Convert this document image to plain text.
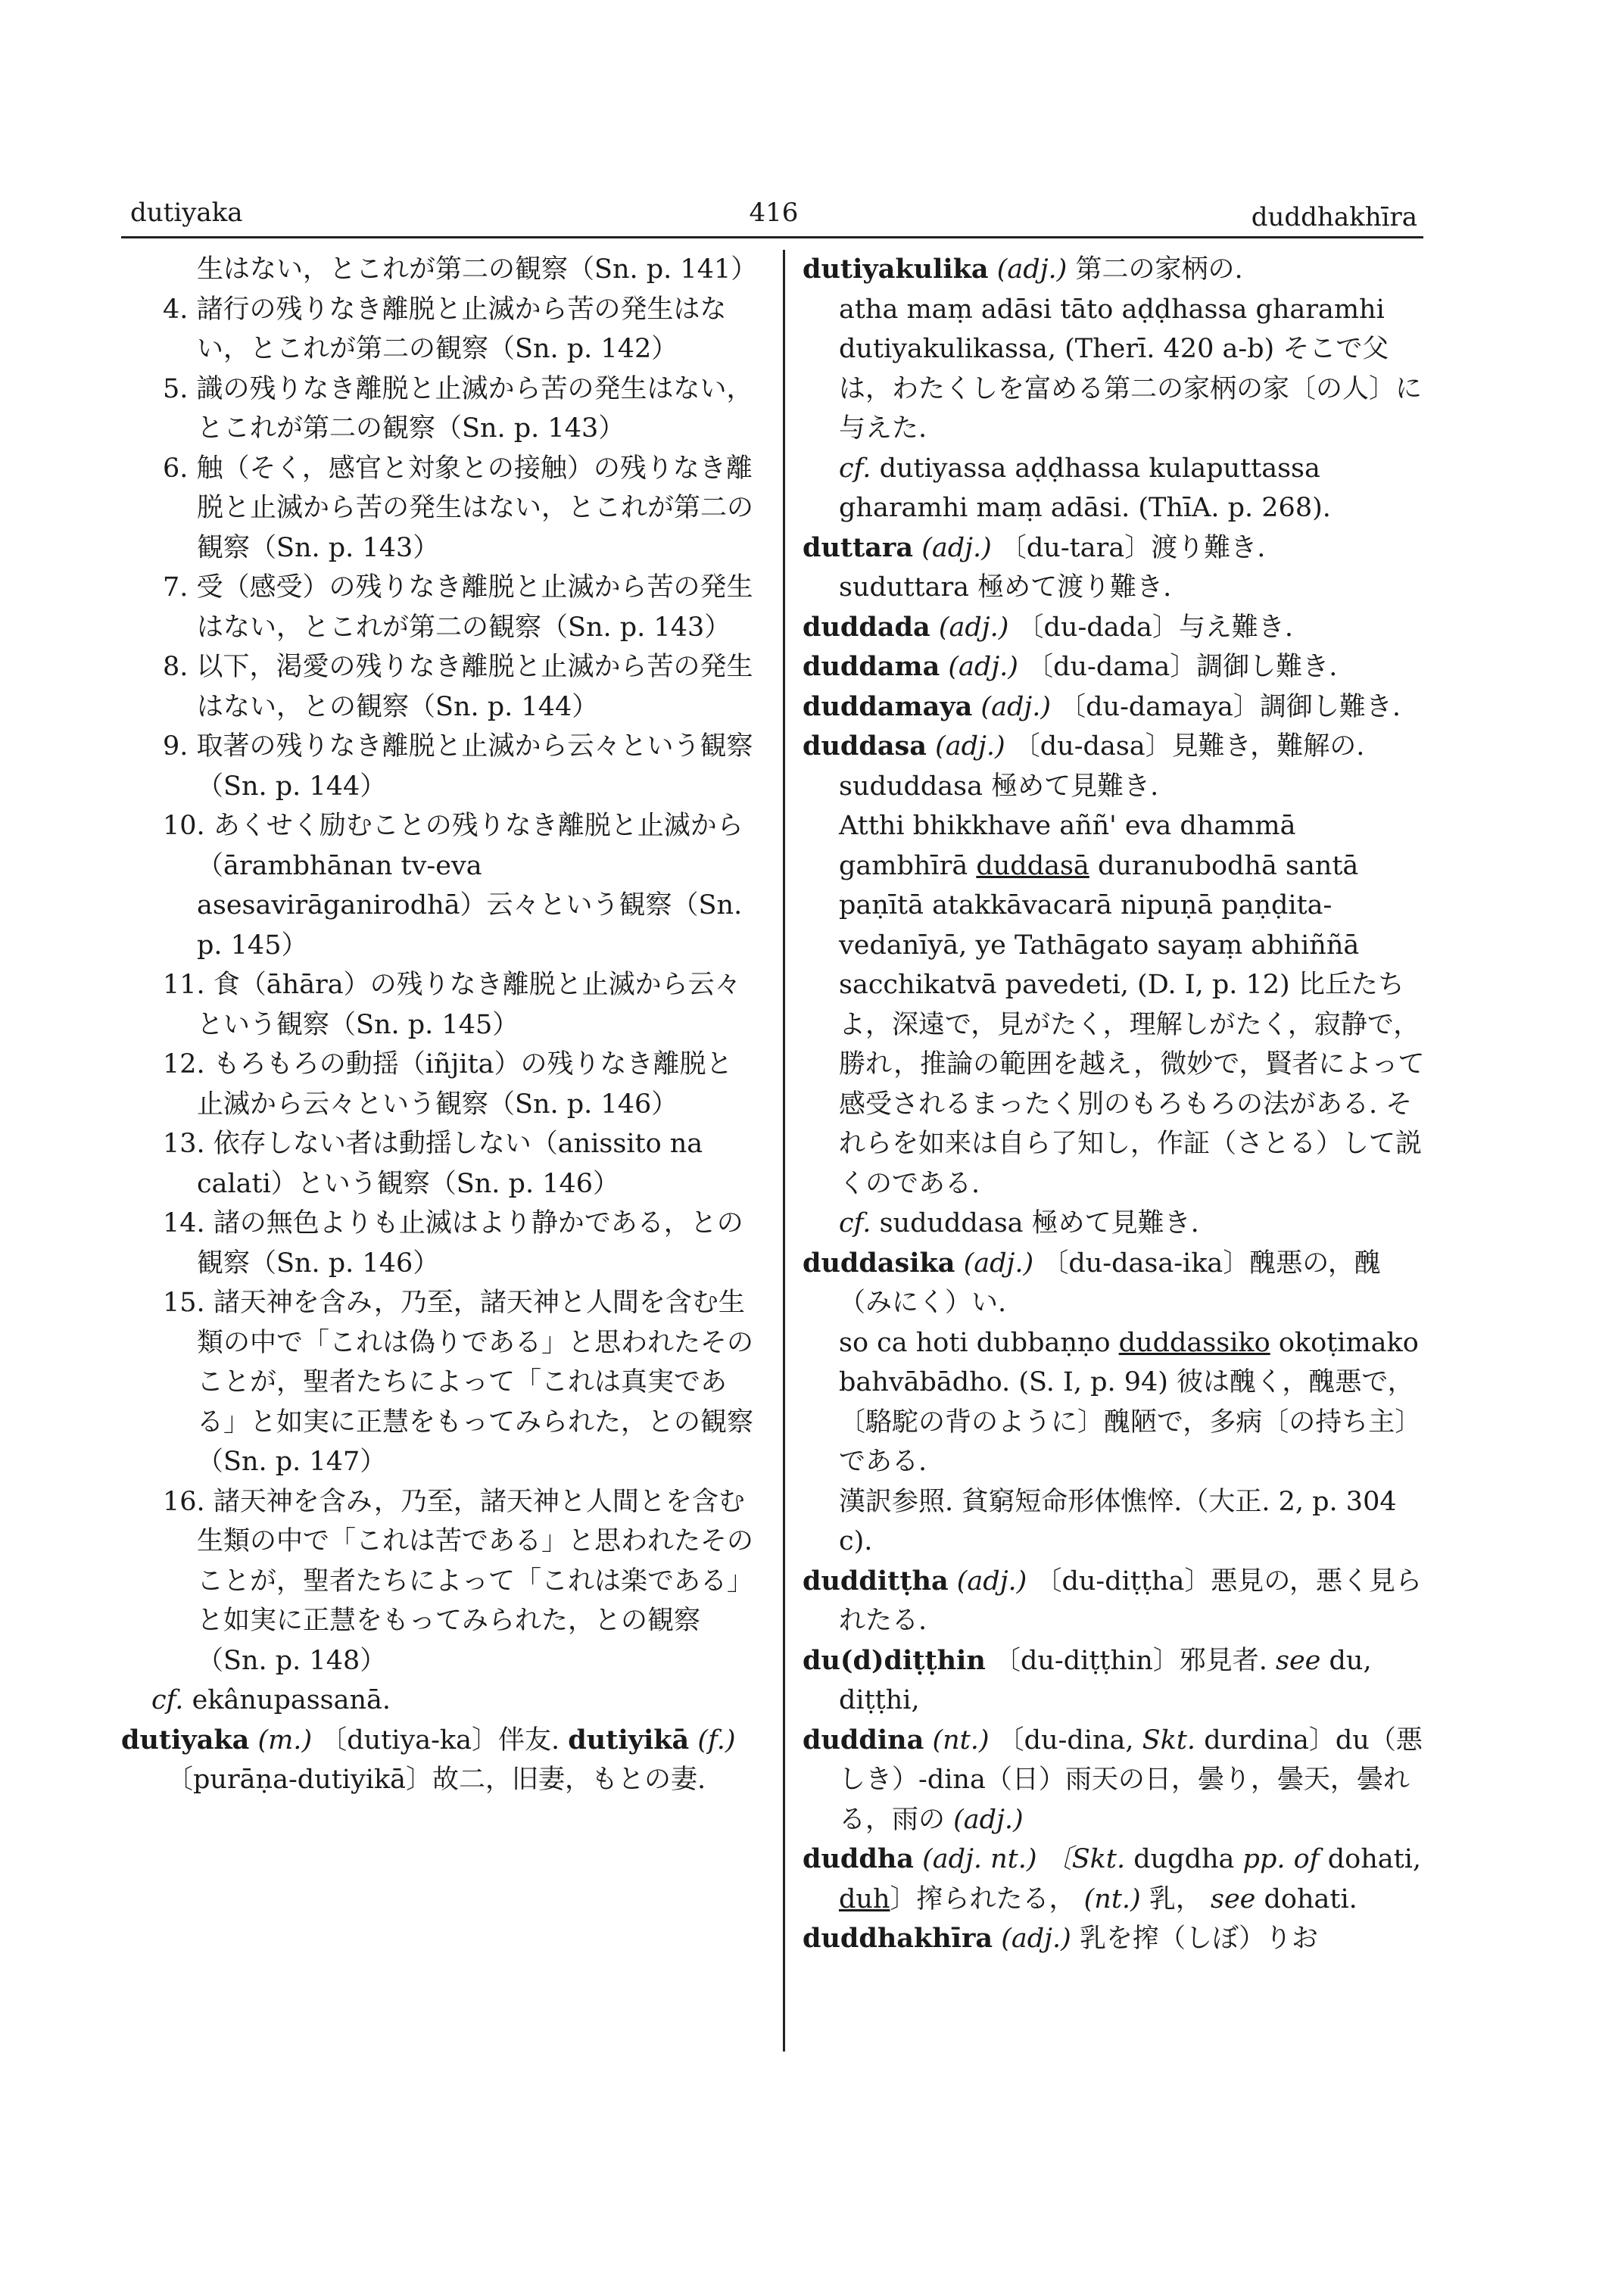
dutiyaka	416	duddhakhīra

生はない，とこれが第二の観察（Sn. p. 141）

4. 諸行の残りなき離脱と止滅から苦の発生はない，とこれが第二の観察（Sn. p. 142）

5. 識の残りなき離脱と止滅から苦の発生はない，とこれが第二の観察（Sn. p. 143）

6. 触（そく，感官と対象との接触）の残りなき離脱と止滅から苦の発生はない，とこれが第二の観察（Sn. p. 143）

7. 受（感受）の残りなき離脱と止滅から苦の発生はない，とこれが第二の観察（Sn. p. 143）

8. 以下，渇愛の残りなき離脱と止滅から苦の発生はない，との観察（Sn. p. 144）

9. 取著の残りなき離脱と止滅から云々という観察（Sn. p. 144）

10. あくせく励むことの残りなき離脱と止滅から（ārambhānan tv-eva asesavirāganirodhā）云々という観察（Sn. p. 145）

11. 食（āhāra）の残りなき離脱と止滅から云々という観察（Sn. p. 145）

12. もろもろの動揺（iñjita）の残りなき離脱と止滅から云々という観察（Sn. p. 146）

13. 依存しない者は動揺しない（anissito na calati）という観察（Sn. p. 146）

14. 諸の無色よりも止滅はより静かである，との観察（Sn. p. 146）

15. 諸天神を含み，乃至，諸天神と人間を含む生類の中で「これは偽りである」と思われたそのことが，聖者たちによって「これは真実である」と如実に正慧をもってみられた，との観察（Sn. p. 147）

16. 諸天神を含み，乃至，諸天神と人間とを含む生類の中で「これは苦である」と思われたそのことが，聖者たちによって「これは楽である」と如実に正慧をもってみられた，との観察（Sn. p. 148）

cf. ekânupassanā.

dutiyaka (m.) 〔dutiya-ka〕伴友. dutiyikā (f.) 〔purāṇa-dutiyikā〕故二，旧妻，もとの妻.

dutiyakulika (adj.) 第二の家柄の.

atha maṃ adāsi tāto aḍḍhassa gharamhi dutiyakulikassa, (Therī. 420 a-b) そこで父は，わたくしを富める第二の家柄の家〔の人〕に与えた.

cf. dutiyassa aḍḍhassa kulaputtassa gharamhi maṃ adāsi. (ThīA. p. 268).

duttara (adj.) 〔du-tara〕渡り難き.

suduttara 極めて渡り難き.

duddada (adj.) 〔du-dada〕与え難き.

duddama (adj.) 〔du-dama〕調御し難き.

duddamaya (adj.) 〔du-damaya〕調御し難き.

duddasa (adj.) 〔du-dasa〕見難き，難解の.

sududdasa 極めて見難き.

Atthi bhikkhave aññ' eva dhammā gambhīrā duddasā duranubodhā santā paṇītā atakkāvacarā nipuṇā paṇḍita-vedanīyā, ye Tathāgato sayaṃ abhiññā sacchikatvā pavedeti, (D. I, p. 12) 比丘たちよ，深遠で，見がたく，理解しがたく，寂静で，勝れ，推論の範囲を越え，微妙で，賢者によって感受されるまったく別のもろもろの法がある. それらを如来は自ら了知し，作証（さとる）して説くのである.

cf. sududdasa 極めて見難き.

duddasika (adj.) 〔du-dasa-ika〕醜悪の，醜（みにく）い.

so ca hoti dubbaṇṇo duddassiko okoṭimako bahvābādho. (S. I, p. 94) 彼は醜く，醜悪で，〔駱駝の背のように〕醜陋で，多病〔の持ち主〕である.

漢訳参照. 貧窮短命形体憔悴.（大正. 2, p. 304 c).

dudditṭha (adj.) 〔du-diṭṭha〕悪見の，悪く見られたる.

du(d)diṭṭhin 〔du-diṭṭhin〕邪見者. see du, diṭṭhi,

duddina (nt.) 〔du-dina, Skt. durdina〕du（悪しき）-dina（日）雨天の日，曇り，曇天，曇れる，雨の (adj.)

duddha (adj. nt.) 〔Skt. dugdha pp. of dohati, duh〕搾られたる， (nt.) 乳， see dohati.

duddhakhīra (adj.) 乳を搾（しぼ）りお
